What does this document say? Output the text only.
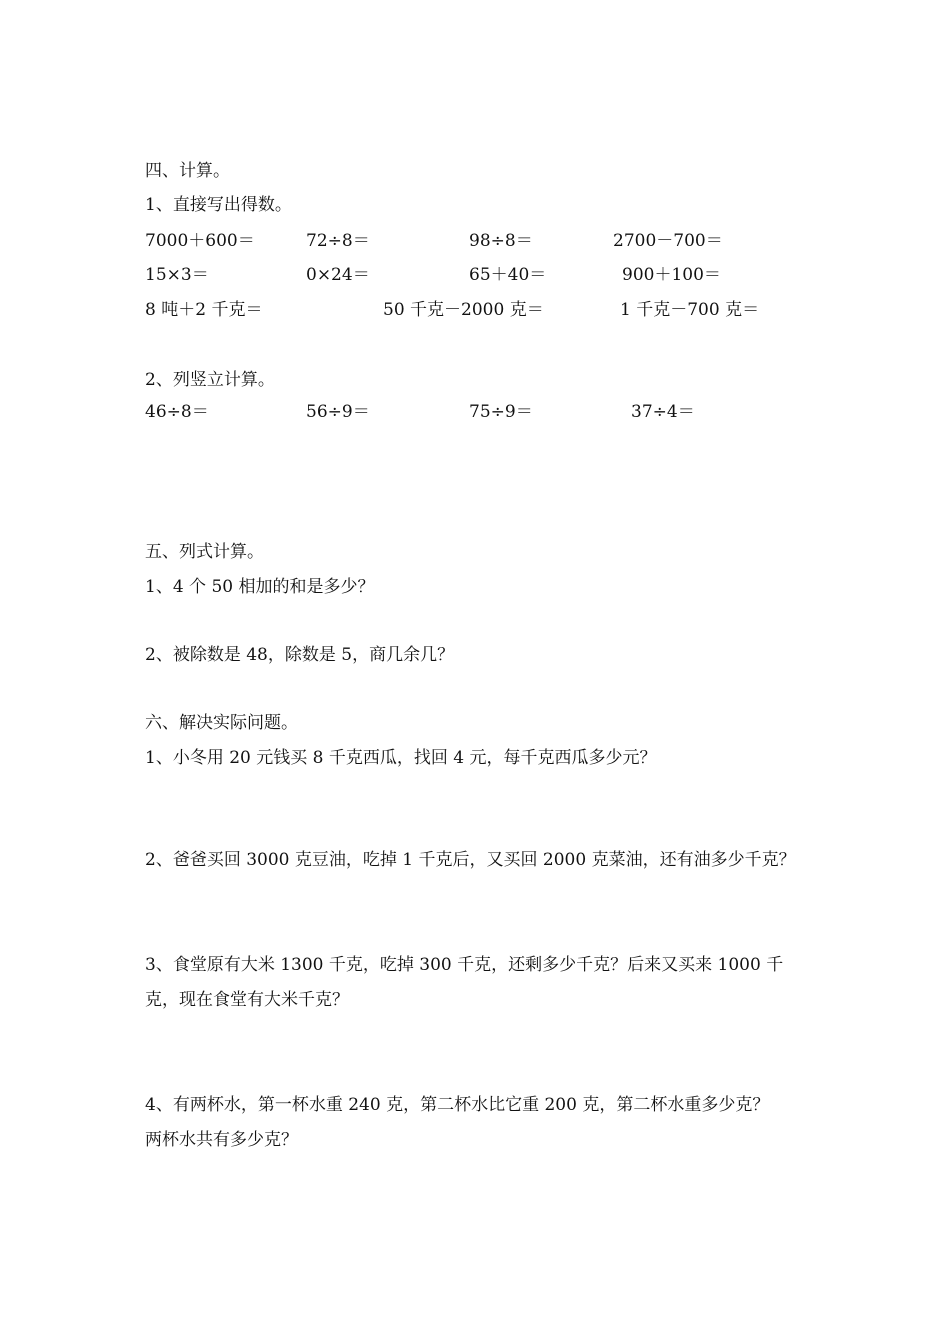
四、计算。
1、直接写出得数。
7000＋600＝	72÷8＝	98÷8＝	2700－700＝
15×3＝	0×24＝	65＋40＝	900＋100＝
8 吨＋2 千克＝	50 千克－2000 克＝	1 千克－700 克＝
2、列竖立计算。
46÷8＝	56÷9＝	75÷9＝	37÷4＝
五、列式计算。
1、4 个 50 相加的和是多少？
2、被除数是 48，除数是 5，商几余几？
六、解决实际问题。
1、小冬用 20 元钱买 8 千克西瓜，找回 4 元，每千克西瓜多少元？
2、爸爸买回 3000 克豆油，吃掉 1 千克后，又买回 2000 克菜油，还有油多少千克？
3、食堂原有大米 1300 千克，吃掉 300 千克，还剩多少千克？后来又买来 1000 千
克，现在食堂有大米千克？
4、有两杯水，第一杯水重 240 克，第二杯水比它重 200 克，第二杯水重多少克？
两杯水共有多少克？
